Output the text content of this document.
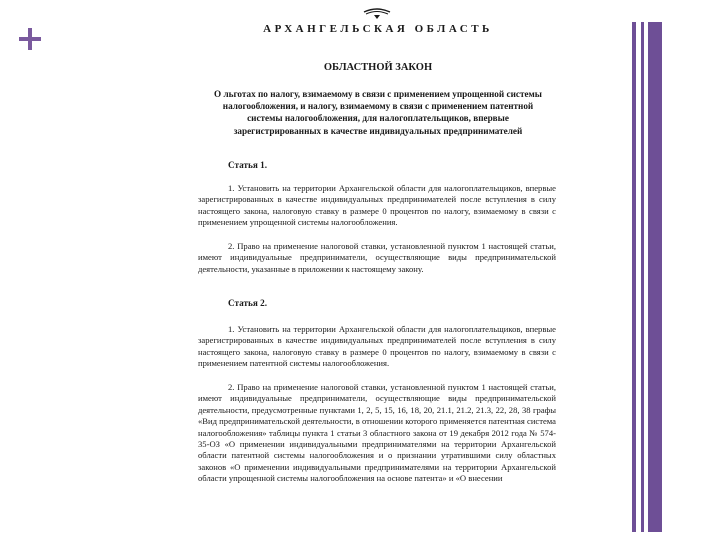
АРХАНГЕЛЬСКАЯ ОБЛАСТЬ
ОБЛАСТНОЙ ЗАКОН
О льготах по налогу, взимаемому в связи с применением упрощенной системы налогообложения, и налогу, взимаемому в связи с применением патентной системы налогообложения, для налогоплательщиков, впервые зарегистрированных в качестве индивидуальных предпринимателей
Статья 1.
1. Установить на территории Архангельской области для налогоплательщиков, впервые зарегистрированных в качестве индивидуальных предпринимателей после вступления в силу настоящего закона, налоговую ставку в размере 0 процентов по налогу, взимаемому в связи с применением упрощенной системы налогообложения.
2. Право на применение налоговой ставки, установленной пунктом 1 настоящей статьи, имеют индивидуальные предприниматели, осуществляющие виды предпринимательской деятельности, указанные в приложении к настоящему закону.
Статья 2.
1. Установить на территории Архангельской области для налогоплательщиков, впервые зарегистрированных в качестве индивидуальных предпринимателей после вступления в силу настоящего закона, налоговую ставку в размере 0 процентов по налогу, взимаемому в связи с применением патентной системы налогообложения.
2. Право на применение налоговой ставки, установленной пунктом 1 настоящей статьи, имеют индивидуальные предприниматели, осуществляющие виды предпринимательской деятельности, предусмотренные пунктами 1, 2, 5, 15, 16, 18, 20, 21.1, 21.2, 21.3, 22, 28, 38 графы «Вид предпринимательской деятельности, в отношении которого применяется патентная система налогообложения» таблицы пункта 1 статьи 3 областного закона от 19 декабря 2012 года № 574-35-ОЗ «О применении индивидуальными предпринимателями на территории Архангельской области патентной системы налогообложения и о признании утратившими силу областных законов «О применении индивидуальными предпринимателями на территории Архангельской области упрощенной системы налогообложения на основе патента» и «О внесении
